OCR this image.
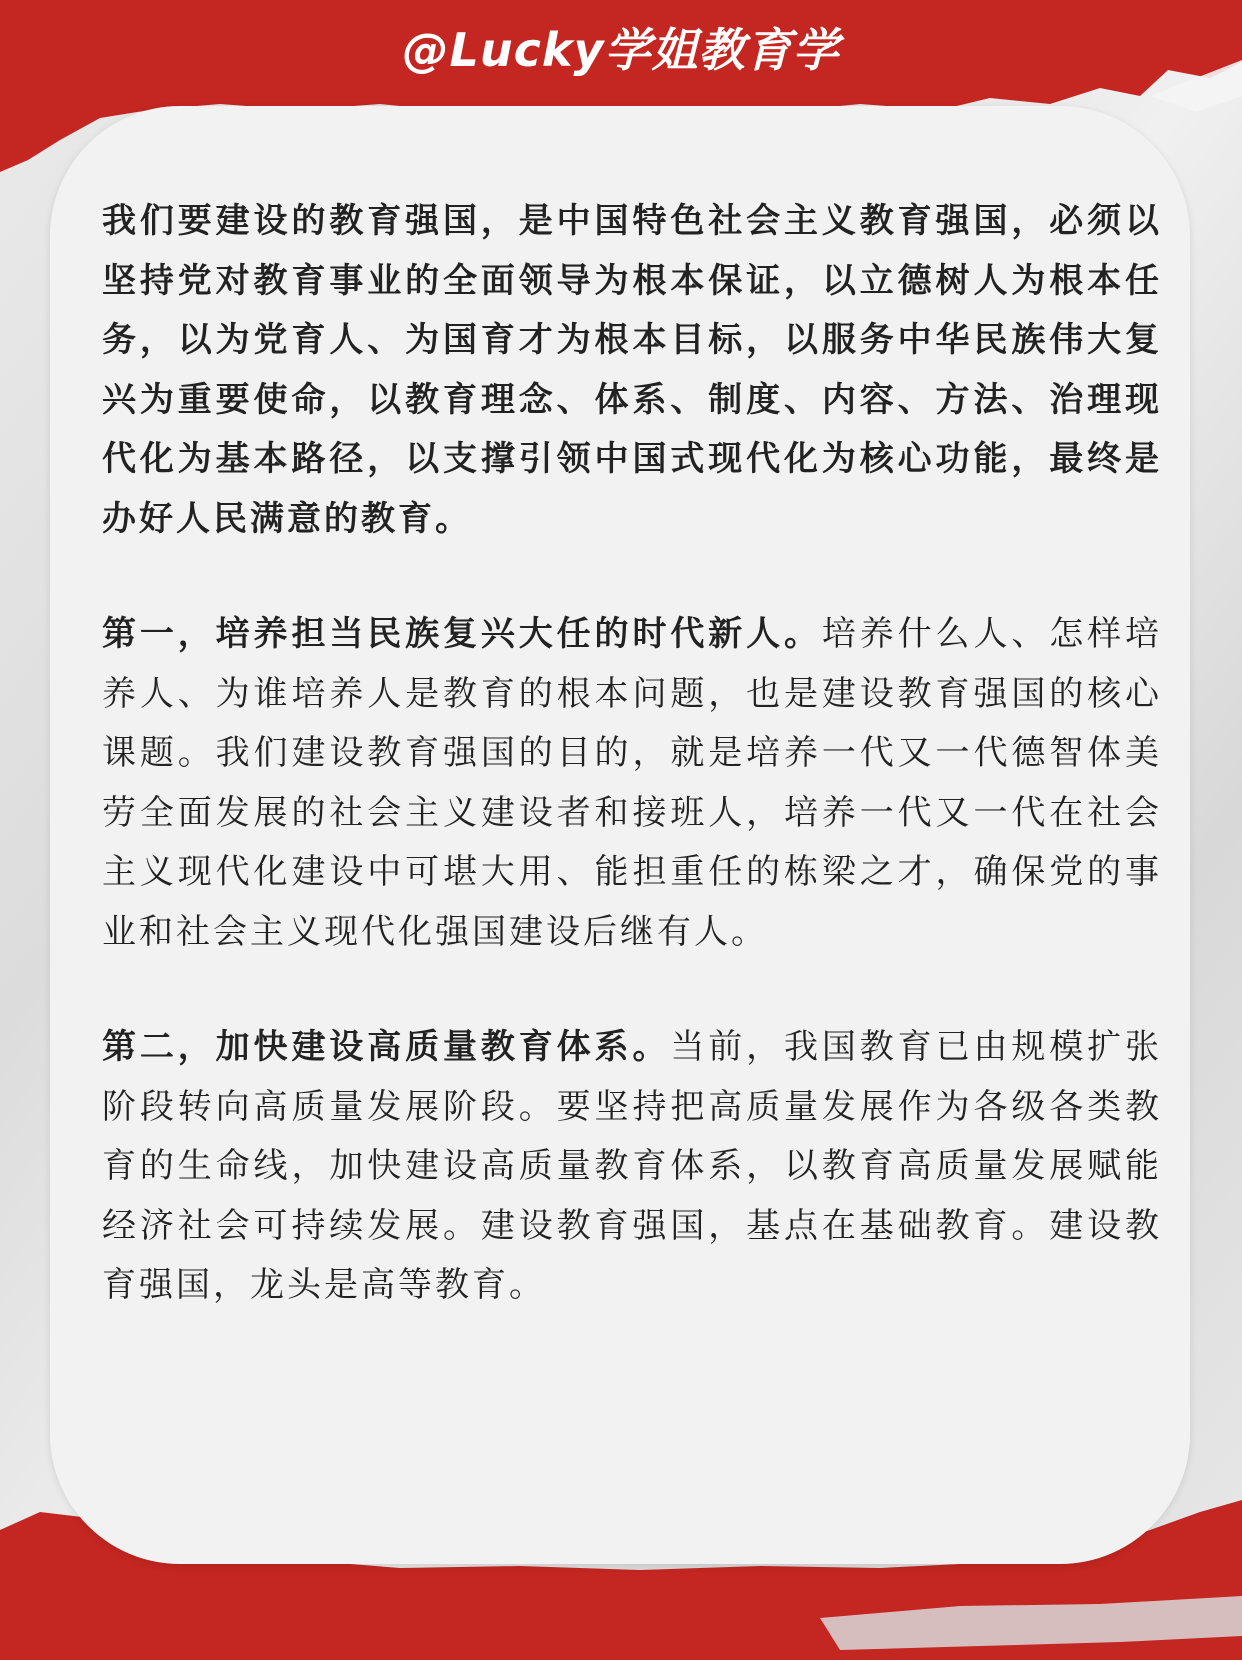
@Lucky学姐教育学

我们要建设的教育强国，是中国特色社会主义教育强国，必须以坚持党对教育事业的全面领导为根本保证，以立德树人为根本任务，以为党育人、为国育才为根本目标，以服务中华民族伟大复兴为重要使命，以教育理念、体系、制度、内容、方法、治理现代化为基本路径，以支撑引领中国式现代化为核心功能，最终是办好人民满意的教育。

第一，培养担当民族复兴大任的时代新人。培养什么人、怎样培养人、为谁培养人是教育的根本问题，也是建设教育强国的核心课题。我们建设教育强国的目的，就是培养一代又一代德智体美劳全面发展的社会主义建设者和接班人，培养一代又一代在社会主义现代化建设中可堪大用、能担重任的栋梁之才，确保党的事业和社会主义现代化强国建设后继有人。

第二，加快建设高质量教育体系。当前，我国教育已由规模扩张阶段转向高质量发展阶段。要坚持把高质量发展作为各级各类教育的生命线，加快建设高质量教育体系，以教育高质量发展赋能经济社会可持续发展。建设教育强国，基点在基础教育。建设教育强国，龙头是高等教育。
